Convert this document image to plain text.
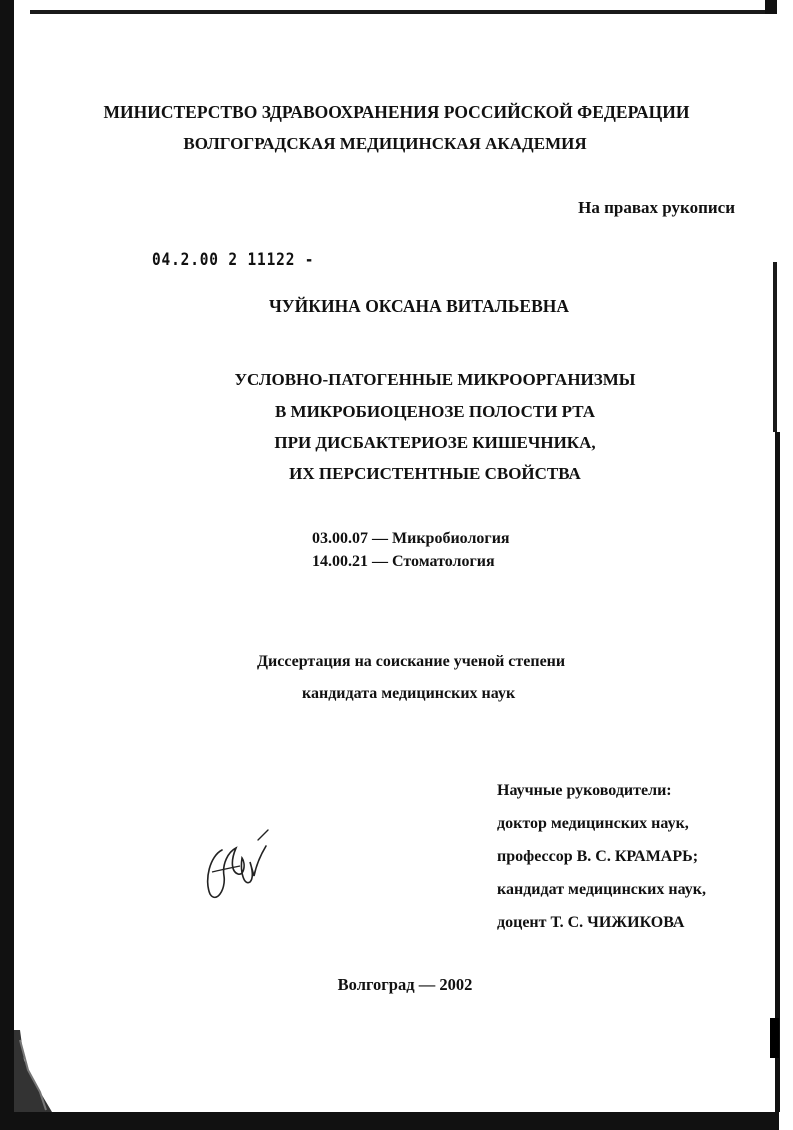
МИНИСТЕРСТВО ЗДРАВООХРАНЕНИЯ РОССИЙСКОЙ ФЕДЕРАЦИИ
ВОЛГОГРАДСКАЯ МЕДИЦИНСКАЯ АКАДЕМИЯ
На правах рукописи
04.2.00 2 11122 -
ЧУЙКИНА ОКСАНА ВИТАЛЬЕВНА
УСЛОВНО-ПАТОГЕННЫЕ МИКРООРГАНИЗМЫ
В МИКРОБИОЦЕНОЗЕ ПОЛОСТИ РТА
ПРИ ДИСБАКТЕРИОЗЕ КИШЕЧНИКА,
ИХ ПЕРСИСТЕНТНЫЕ СВОЙСТВА
03.00.07 — Микробиология
14.00.21 — Стоматология
Диссертация на соискание ученой степени
кандидата медицинских наук
Научные руководители:
доктор медицинских наук,
профессор В. С. КРАМАРЬ;
кандидат медицинских наук,
доцент Т. С. ЧИЖИКОВА
Волгоград — 2002
